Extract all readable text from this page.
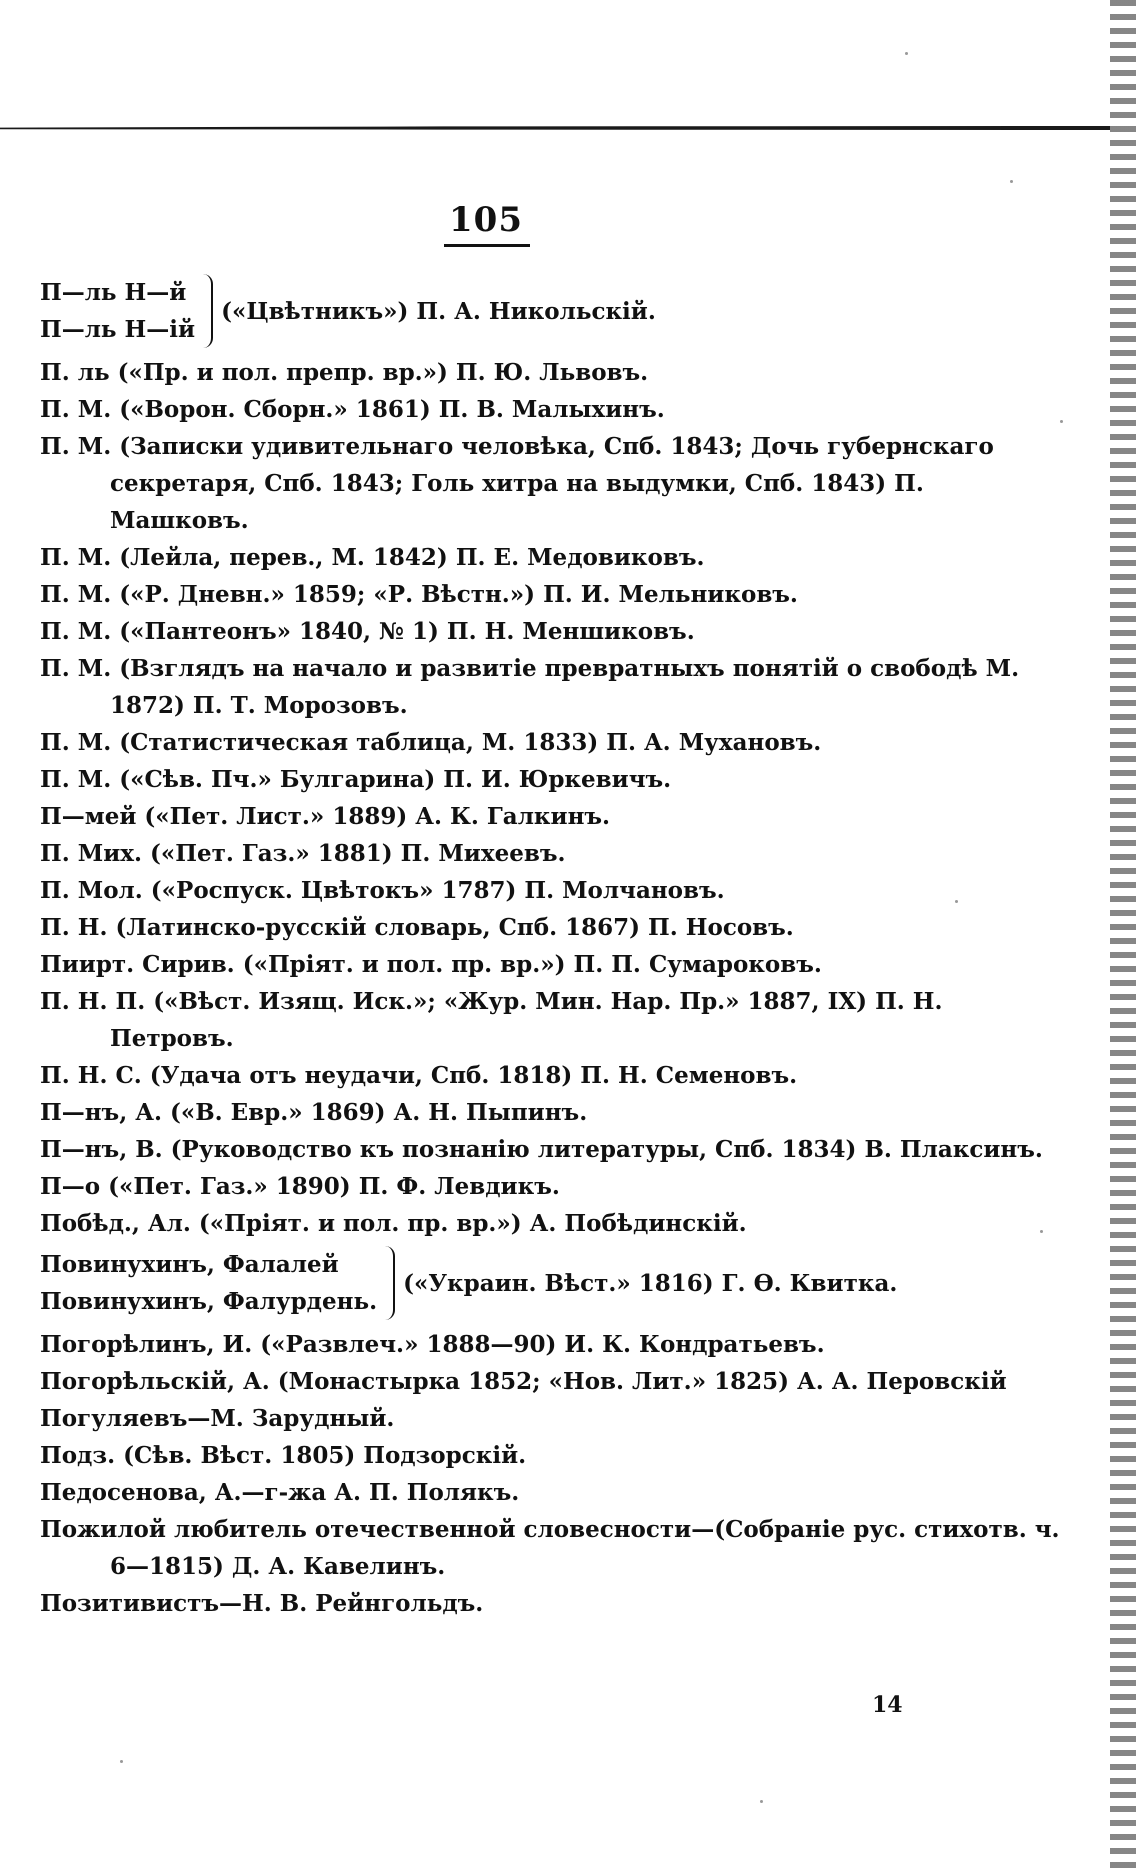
105
П—ль Н—й
П—ль Н—ій
(«Цвѣтникъ») П. А. Никольскій.

П. ль («Пр. и пол. препр. вр.») П. Ю. Львовъ.

П. М. («Ворон. Сборн.» 1861) П. В. Малыхинъ.

П. М. (Записки удивительнаго человѣка, Спб. 1843; Дочь губернскаго секретаря, Спб. 1843; Голь хитра на выдумки, Спб. 1843) П. Машковъ.

П. М. (Лейла, перев., М. 1842) П. Е. Медовиковъ.

П. М. («Р. Дневн.» 1859; «Р. Вѣстн.») П. И. Мельниковъ.

П. М. («Пантеонъ» 1840, № 1) П. Н. Меншиковъ.

П. М. (Взглядъ на начало и развитіе превратныхъ понятій о свободѣ М. 1872) П. Т. Морозовъ.

П. М. (Статистическая таблица, М. 1833) П. А. Мухановъ.

П. М. («Сѣв. Пч.» Булгарина) П. И. Юркевичъ.

П—мей («Пет. Лист.» 1889) А. К. Галкинъ.

П. Мих. («Пет. Газ.» 1881) П. Михеевъ.

П. Мол. («Роспуск. Цвѣтокъ» 1787) П. Молчановъ.

П. Н. (Латинско-русскій словарь, Спб. 1867) П. Носовъ.

Пиирт. Сирив. («Пріят. и пол. пр. вр.») П. П. Сумароковъ.

П. Н. П. («Вѣст. Изящ. Иск.»; «Жур. Мин. Нар. Пр.» 1887, IX) П. Н. Петровъ.

П. Н. С. (Удача отъ неудачи, Спб. 1818) П. Н. Семеновъ.

П—нъ, А. («В. Евр.» 1869) А. Н. Пыпинъ.

П—нъ, В. (Руководство къ познанію литературы, Спб. 1834) В. Плаксинъ.

П—о («Пет. Газ.» 1890) П. Ф. Левдикъ.

Побѣд., Ал. («Пріят. и пол. пр. вр.») А. Побѣдинскій.

Повинухинъ, Фалалей
Повинухинъ, Фалурдень.
(«Украин. Вѣст.» 1816) Г. Ѳ. Квитка.

Погорѣлинъ, И. («Развлеч.» 1888—90) И. К. Кондратьевъ.

Погорѣльскій, А. (Монастырка 1852; «Нов. Лит.» 1825) А. А. Перовскій

Погуляевъ—М. Зарудный.

Подз. (Сѣв. Вѣст. 1805) Подзорскій.

Педосенова, А.—г-жа А. П. Полякъ.

Пожилой любитель отечественной словесности—(Собраніе рус. стихотв. ч. 6—1815) Д. А. Кавелинъ.

Позитивистъ—Н. В. Рейнгольдъ.

14
